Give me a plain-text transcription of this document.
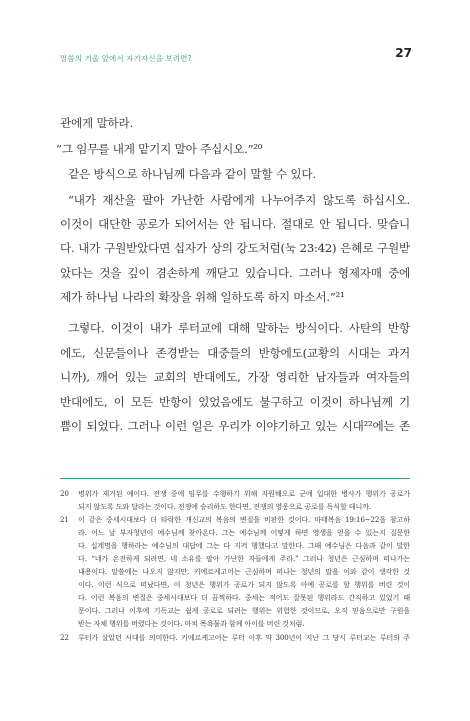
말씀의 거울 앞에서 자기자신을 보려면?	27
관에게 말하라.
“그 임무를 내게 맡기지 말아 주십시오.”²⁰
같은 방식으로 하나님께 다음과 같이 말할 수 있다.
“내가 재산을 팔아 가난한 사람에게 나누어주지 않도록 하십시오.
이것이 대단한 공로가 되어서는 안 됩니다. 절대로 안 됩니다. 맞습니
다. 내가 구원받았다면 십자가 상의 강도처럼(눅 23:42) 은혜로 구원받
았다는 것을 깊이 겸손하게 깨닫고 있습니다. 그러나 형제자매 중에
제가 하나님 나라의 확장을 위해 일하도록 하지 마소서.”²¹
그렇다. 이것이 내가 루터교에 대해 말하는 방식이다. 사탄의 반항
에도, 신문들이나 존경받는 대중들의 반항에도(교황의 시대는 과거
니까), 깨어 있는 교회의 반대에도, 가장 영리한 남자들과 여자들의
반대에도, 이 모든 반항이 있었음에도 불구하고 이것이 하나님께 기
쁨이 되었다. 그러나 이런 일은 우리가 이야기하고 있는 시대²²에는 존
20	병위가 제거된 예이다. 전쟁 중에 임무를 수행하기 위해 자원해오로 군에 입대한 병사가 행위가 공로가
되지 않도록 도와 달라는 것이다. 전쟁에 승리하도 한다면, 전쟁의 영웅으로 공로를 독식할 테니까.
21	이 같은 중세시대보다 더 타락한 개신교의 복음의 변질을 비판한 것이다. 마태복음 19:16~22을 참고하
라. 어느 날 부자청년이 예수님께 찾아온다. 그는 예수님께 어떻게 하면 영생을 얻을 수 있는지 질문한
다. 십계명을 행하라는 예수님의 대답에 그는 다 지켜 행했다고 말한다. 그때 예수님은 다음과 같이 말한
다. “네가 온전하게 되려면, 네 소유를 팔아 가난한 자들에게 주라.” 그러나 청년은 근심하며 떠나가는
내용이다. 말씀에는 나오지 않지만, 키에르케고어는 근심하며 떠나는 청년의 말을 이와 같이 생각한 것
이다. 이런 식으로 떠났다면, 이 청년은 행위가 공로가 되지 않도록 아예 공로를 할 행위를 버린 것이
다. 이런 복음의 변질은 중세시대보다 더 끔찍하다. 중세는 적어도 잘못된 행위라도 간직하고 있었기 때
문이다. 그러나 이후에 기독교는 쉽게 공로로 되려는 행위는 위험한 것이므로, 오직 믿음으로만 구원을
받는 자체 행위를 버렸다는 것이다. 마치 목욕물과 함께 아이를 버린 것처럼.
22	루터가 살았던 시대를 의미한다. 키에르케고어는 루터 이후 약 300년이 지난 그 당시 루터교는 루터의 주
